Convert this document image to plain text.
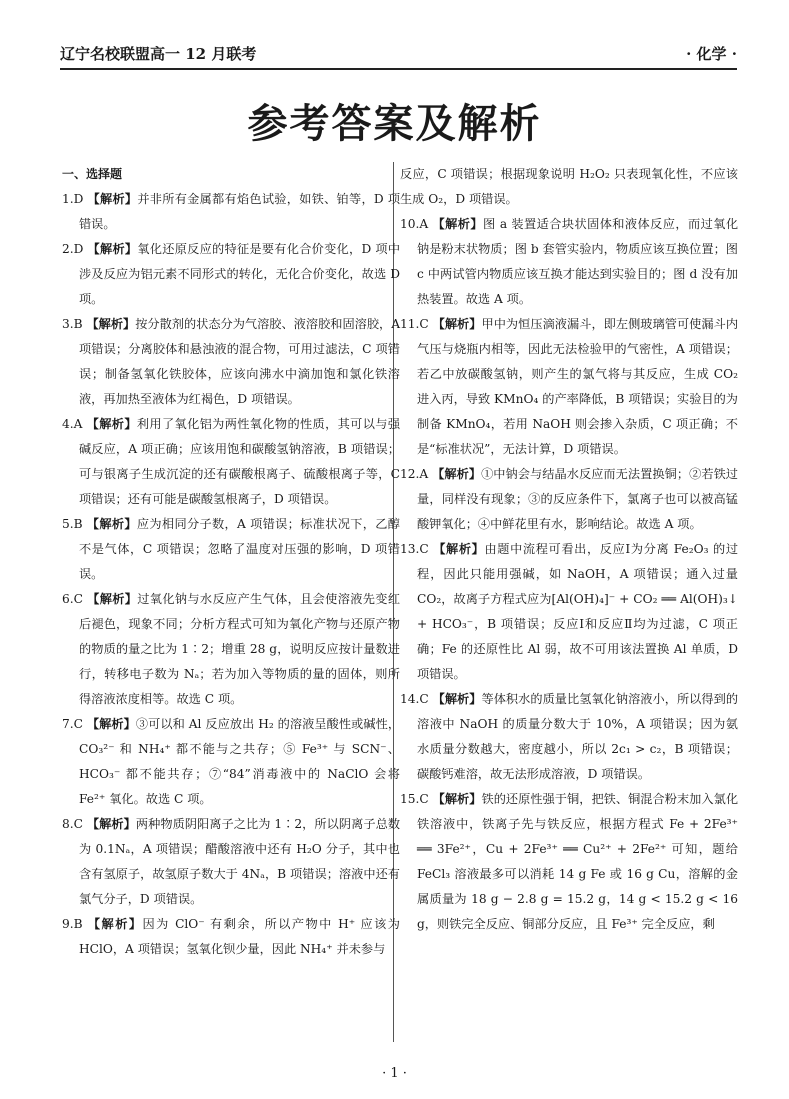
辽宁名校联盟高一 12 月联考	· 化学 ·
参考答案及解析
一、选择题

1.D 【解析】并非所有金属都有焰色试验，如铁、铂等，D 项错误。

2.D 【解析】氧化还原反应的特征是要有化合价变化，D 项中涉及反应为铝元素不同形式的转化，无化合价变化，故选 D 项。

3.B 【解析】按分散剂的状态分为气溶胶、液溶胶和固溶胶，A 项错误；分离胶体和悬浊液的混合物，可用过滤法，C 项错误；制备氢氧化铁胶体，应该向沸水中滴加饱和氯化铁溶液，再加热至液体为红褐色，D 项错误。

4.A 【解析】利用了氧化铝为两性氧化物的性质，其可以与强碱反应，A 项正确；应该用饱和碳酸氢钠溶液，B 项错误；可与银离子生成沉淀的还有碳酸根离子、硫酸根离子等，C 项错误；还有可能是碳酸氢根离子，D 项错误。

5.B 【解析】应为相同分子数，A 项错误；标准状况下，乙醇不是气体，C 项错误；忽略了温度对压强的影响，D 项错误。

6.C 【解析】过氧化钠与水反应产生气体，且会使溶液先变红后褪色，现象不同；分析方程式可知为氧化产物与还原产物的物质的量之比为 1∶2；增重 28 g，说明反应按计量数进行，转移电子数为 Nₐ；若为加入等物质的量的固体，则所得溶液浓度相等。故选 C 项。

7.C 【解析】③可以和 Al 反应放出 H₂ 的溶液呈酸性或碱性，CO₃²⁻ 和 NH₄⁺ 都不能与之共存；⑤ Fe³⁺ 与 SCN⁻、HCO₃⁻ 都不能共存；⑦“84”消毒液中的 NaClO 会将 Fe²⁺ 氧化。故选 C 项。

8.C 【解析】两种物质阴阳离子之比为 1∶2，所以阴离子总数为 0.1Nₐ，A 项错误；醋酸溶液中还有 H₂O 分子，其中也含有氢原子，故氢原子数大于 4Nₐ，B 项错误；溶液中还有氯气分子，D 项错误。

9.B 【解析】因为 ClO⁻ 有剩余，所以产物中 H⁺ 应该为 HClO，A 项错误；氢氧化钡少量，因此 NH₄⁺ 并未参与

反应，C 项错误；根据现象说明 H₂O₂ 只表现氧化性，不应该生成 O₂，D 项错误。

10.A 【解析】图 a 装置适合块状固体和液体反应，而过氧化钠是粉末状物质；图 b 套管实验内，物质应该互换位置；图 c 中两试管内物质应该互换才能达到实验目的；图 d 没有加热装置。故选 A 项。

11.C 【解析】甲中为恒压滴液漏斗，即左侧玻璃管可使漏斗内气压与烧瓶内相等，因此无法检验甲的气密性，A 项错误；若乙中放碳酸氢钠，则产生的氯气将与其反应，生成 CO₂ 进入丙，导致 KMnO₄ 的产率降低，B 项错误；实验目的为制备 KMnO₄，若用 NaOH 则会掺入杂质，C 项正确；不是“标准状况”，无法计算，D 项错误。

12.A 【解析】①中钠会与结晶水反应而无法置换铜；②若铁过量，同样没有现象；③的反应条件下，氯离子也可以被高锰酸钾氧化；④中鲜花里有水，影响结论。故选 A 项。

13.C 【解析】由题中流程可看出，反应Ⅰ为分离 Fe₂O₃ 的过程，因此只能用强碱，如 NaOH，A 项错误；通入过量 CO₂，故离子方程式应为[Al(OH)₄]⁻ + CO₂ ══ Al(OH)₃↓ + HCO₃⁻，B 项错误；反应Ⅰ和反应Ⅱ均为过滤，C 项正确；Fe 的还原性比 Al 弱，故不可用该法置换 Al 单质，D 项错误。

14.C 【解析】等体积水的质量比氢氧化钠溶液小，所以得到的溶液中 NaOH 的质量分数大于 10%，A 项错误；因为氨水质量分数越大，密度越小，所以 2c₁ > c₂，B 项错误；碳酸钙难溶，故无法形成溶液，D 项错误。

15.C 【解析】铁的还原性强于铜，把铁、铜混合粉末加入氯化铁溶液中，铁离子先与铁反应，根据方程式 Fe + 2Fe³⁺ ══ 3Fe²⁺，Cu + 2Fe³⁺ ══ Cu²⁺ + 2Fe²⁺ 可知，题给 FeCl₃ 溶液最多可以消耗 14 g Fe 或 16 g Cu，溶解的金属质量为 18 g − 2.8 g = 15.2 g，14 g < 15.2 g < 16 g，则铁完全反应、铜部分反应，且 Fe³⁺ 完全反应，剩

· 1 ·
